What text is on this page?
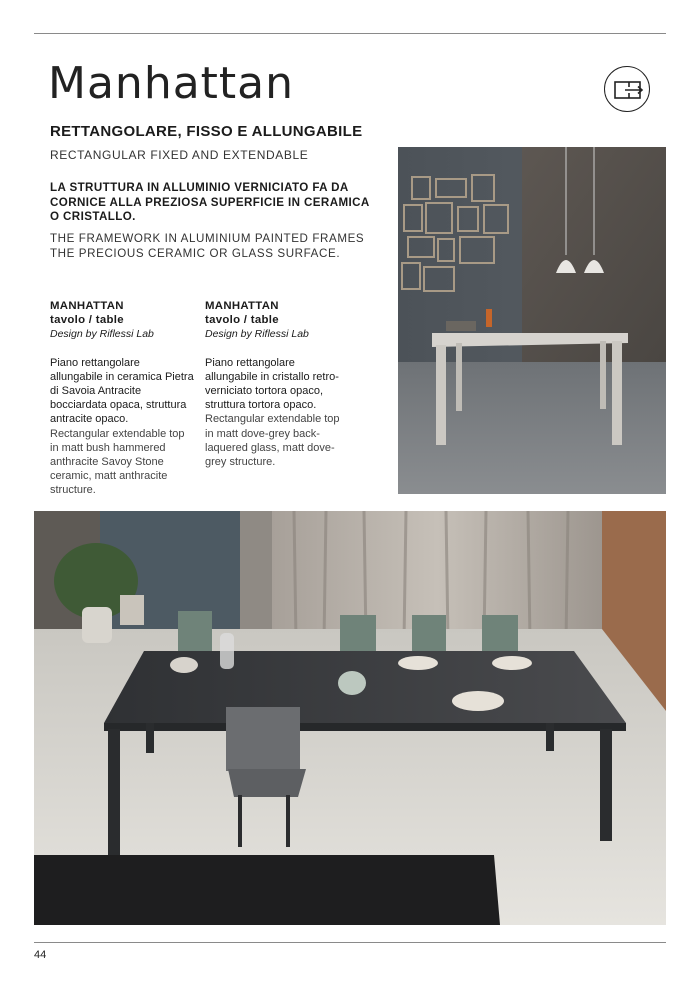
Manhattan
RETTANGOLARE, FISSO E ALLUNGABILE
RECTANGULAR FIXED AND EXTENDABLE

LA STRUTTURA IN ALLUMINIO VERNICIATO FA DA CORNICE ALLA PREZIOSA SUPERFICIE IN CERAMICA O CRISTALLO.

THE FRAMEWORK IN ALUMINIUM PAINTED FRAMES THE PRECIOUS CERAMIC OR GLASS SURFACE.

MANHATTAN
tavolo / table
Design by Riflessi Lab
Piano rettangolare allungabile in ceramica Pietra di Savoia Antracite bocciardata opaca, struttura antracite opaco.
Rectangular extendable top in matt bush hammered anthracite Savoy Stone ceramic, matt anthracite structure.
MANHATTAN
tavolo / table
Design by Riflessi Lab
Piano rettangolare allungabile in cristallo retro-verniciato tortora opaco, struttura tortora opaco.
Rectangular extendable top in matt dove-grey back-laquered glass, matt dove-grey structure.
44
